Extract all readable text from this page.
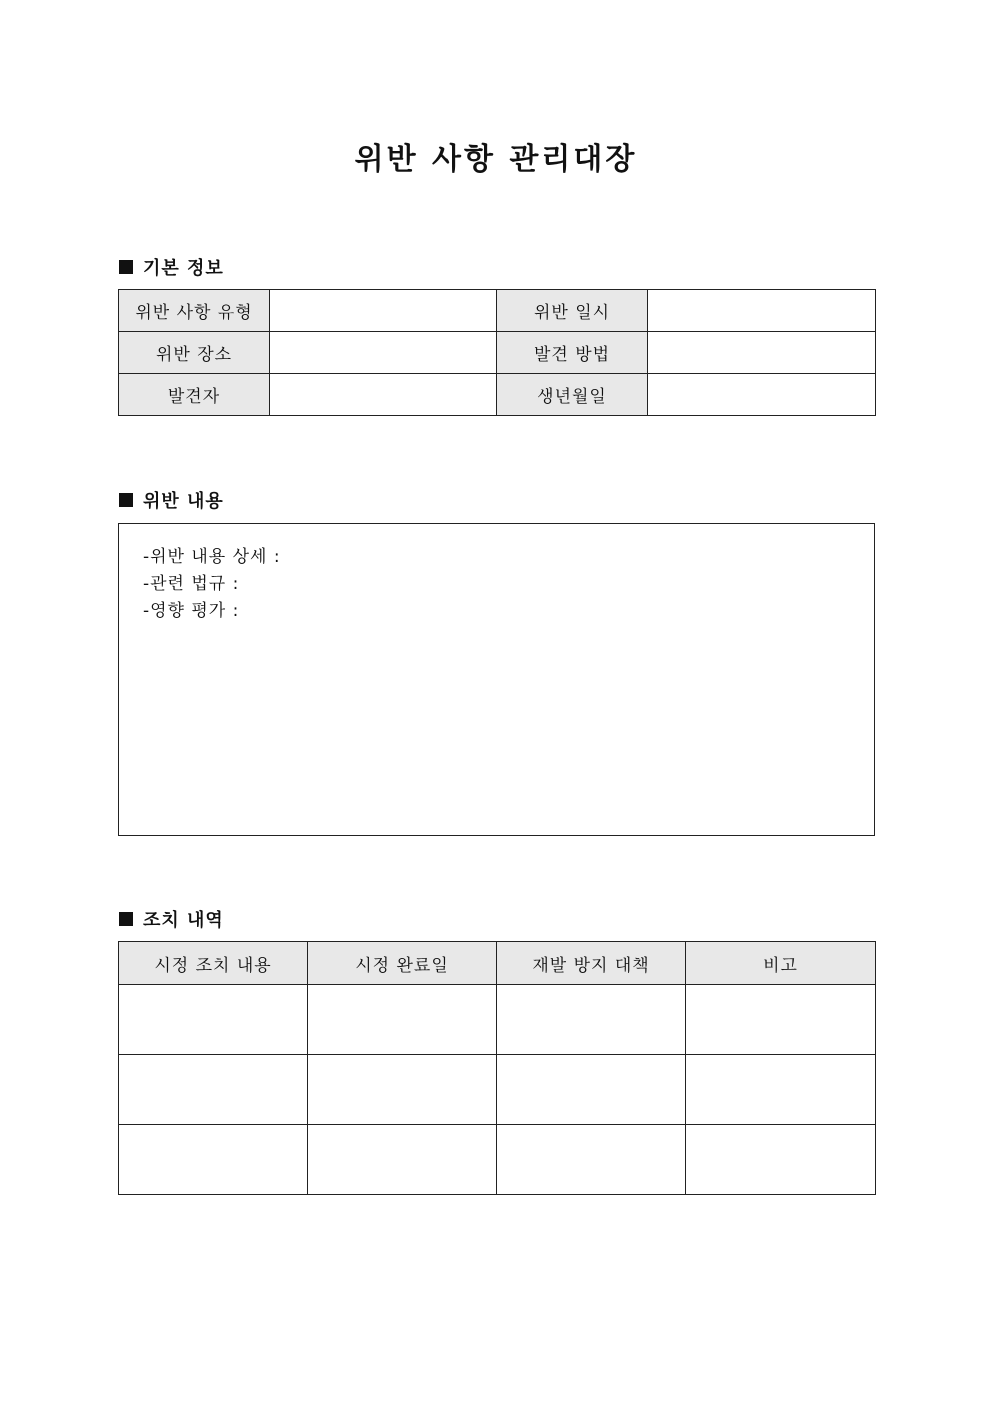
위반 사항 관리대장
기본 정보
위반 사항 유형		위반 일시	
위반 장소		발견 방법	
발견자		생년월일	
위반 내용
-위반 내용 상세 :
-관련 법규 :
-영향 평가 :
조치 내역
시정 조치 내용	시정 완료일	재발 방지 대책	비고
